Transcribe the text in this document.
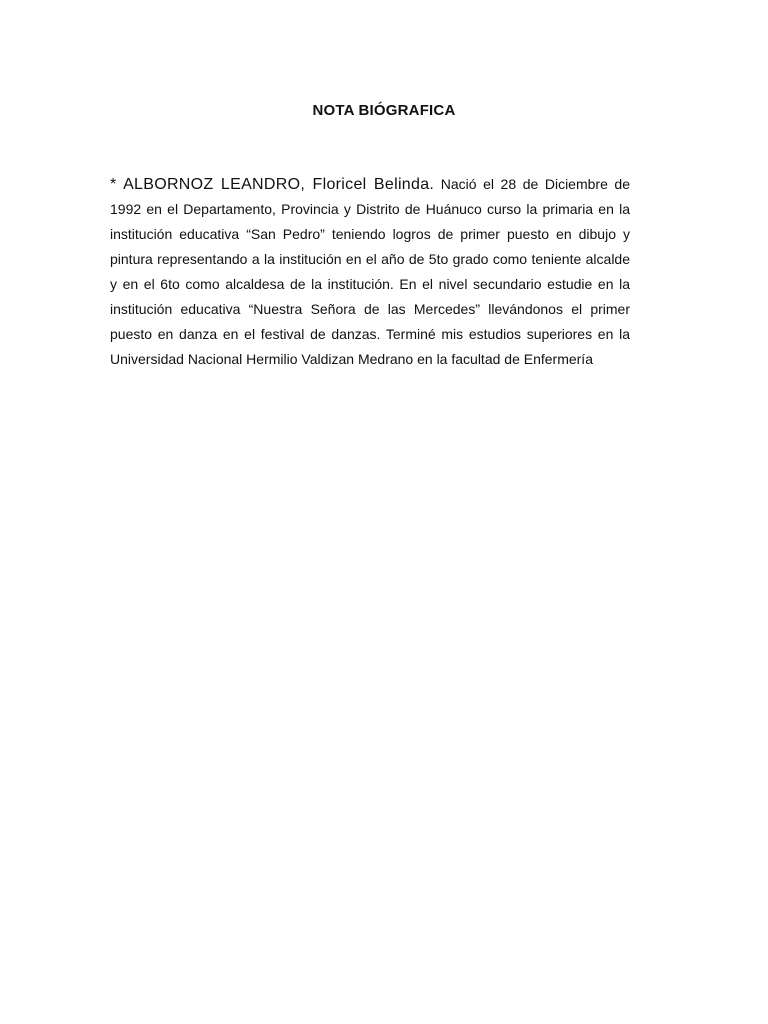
NOTA BIÓGRAFICA

* ALBORNOZ LEANDRO, Floricel Belinda. Nació el 28 de Diciembre de 1992 en el Departamento, Provincia y Distrito de Huánuco curso la primaria en la institución educativa “San Pedro” teniendo logros de primer puesto en dibujo y pintura representando a la institución en el año de 5to grado como teniente alcalde y en el 6to como alcaldesa de la institución. En el nivel secundario estudie en la institución educativa “Nuestra Señora de las Mercedes” llevándonos el primer puesto en danza en el festival de danzas. Terminé mis estudios superiores en la Universidad Nacional Hermilio Valdizan Medrano en la facultad de Enfermería
